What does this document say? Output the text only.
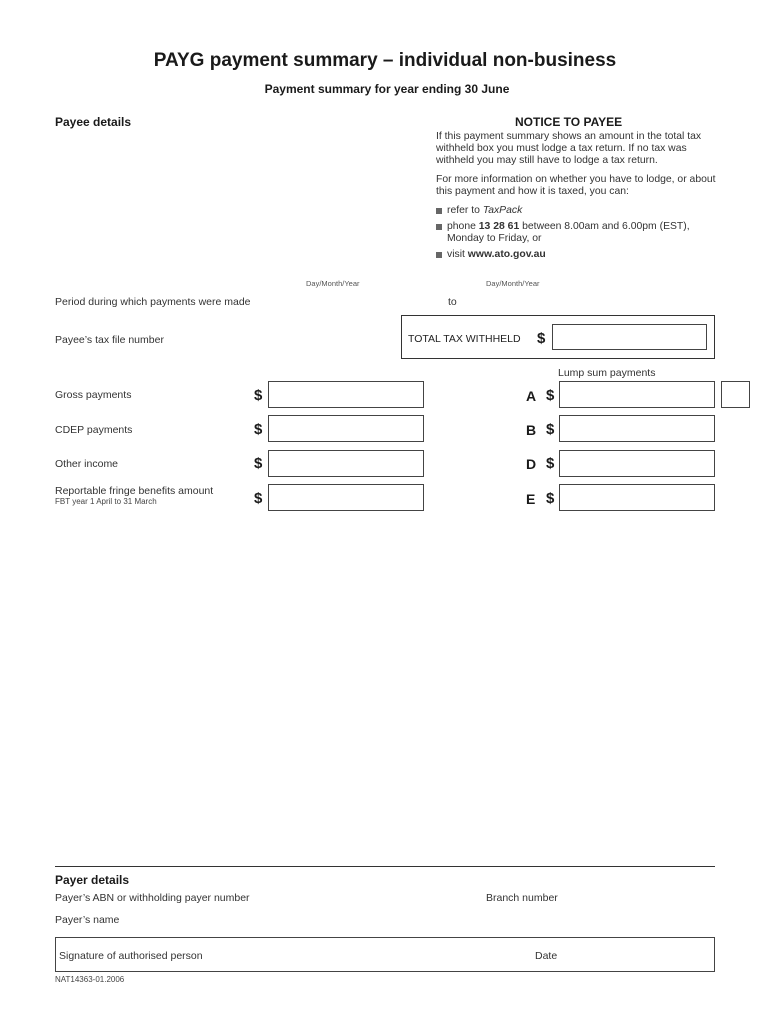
PAYG payment summary – individual non-business
Payment summary for year ending 30 June
Payee details	NOTICE TO PAYEE

If this payment summary shows an amount in the total tax withheld box you must lodge a tax return. If no tax was withheld you may still have to lodge a tax return.

For more information on whether you have to lodge, or about this payment and how it is taxed, you can:

refer to TaxPack
phone 13 28 61 between 8.00am and 6.00pm (EST), Monday to Friday, or
visit www.ato.gov.au
Day/Month/Year	Day/Month/Year
Period during which payments were made	to
Payee’s tax file number	TOTAL TAX WITHHELD $
Lump sum payments
Gross payments	$	A $
CDEP payments	$	B $
Other income	$	D $
Reportable fringe benefits amount
FBT year 1 April to 31 March	$	E $
Payer details
Payer’s ABN or withholding payer number	Branch number
Payer’s name
Signature of authorised person	Date
NAT14363-01.2006
